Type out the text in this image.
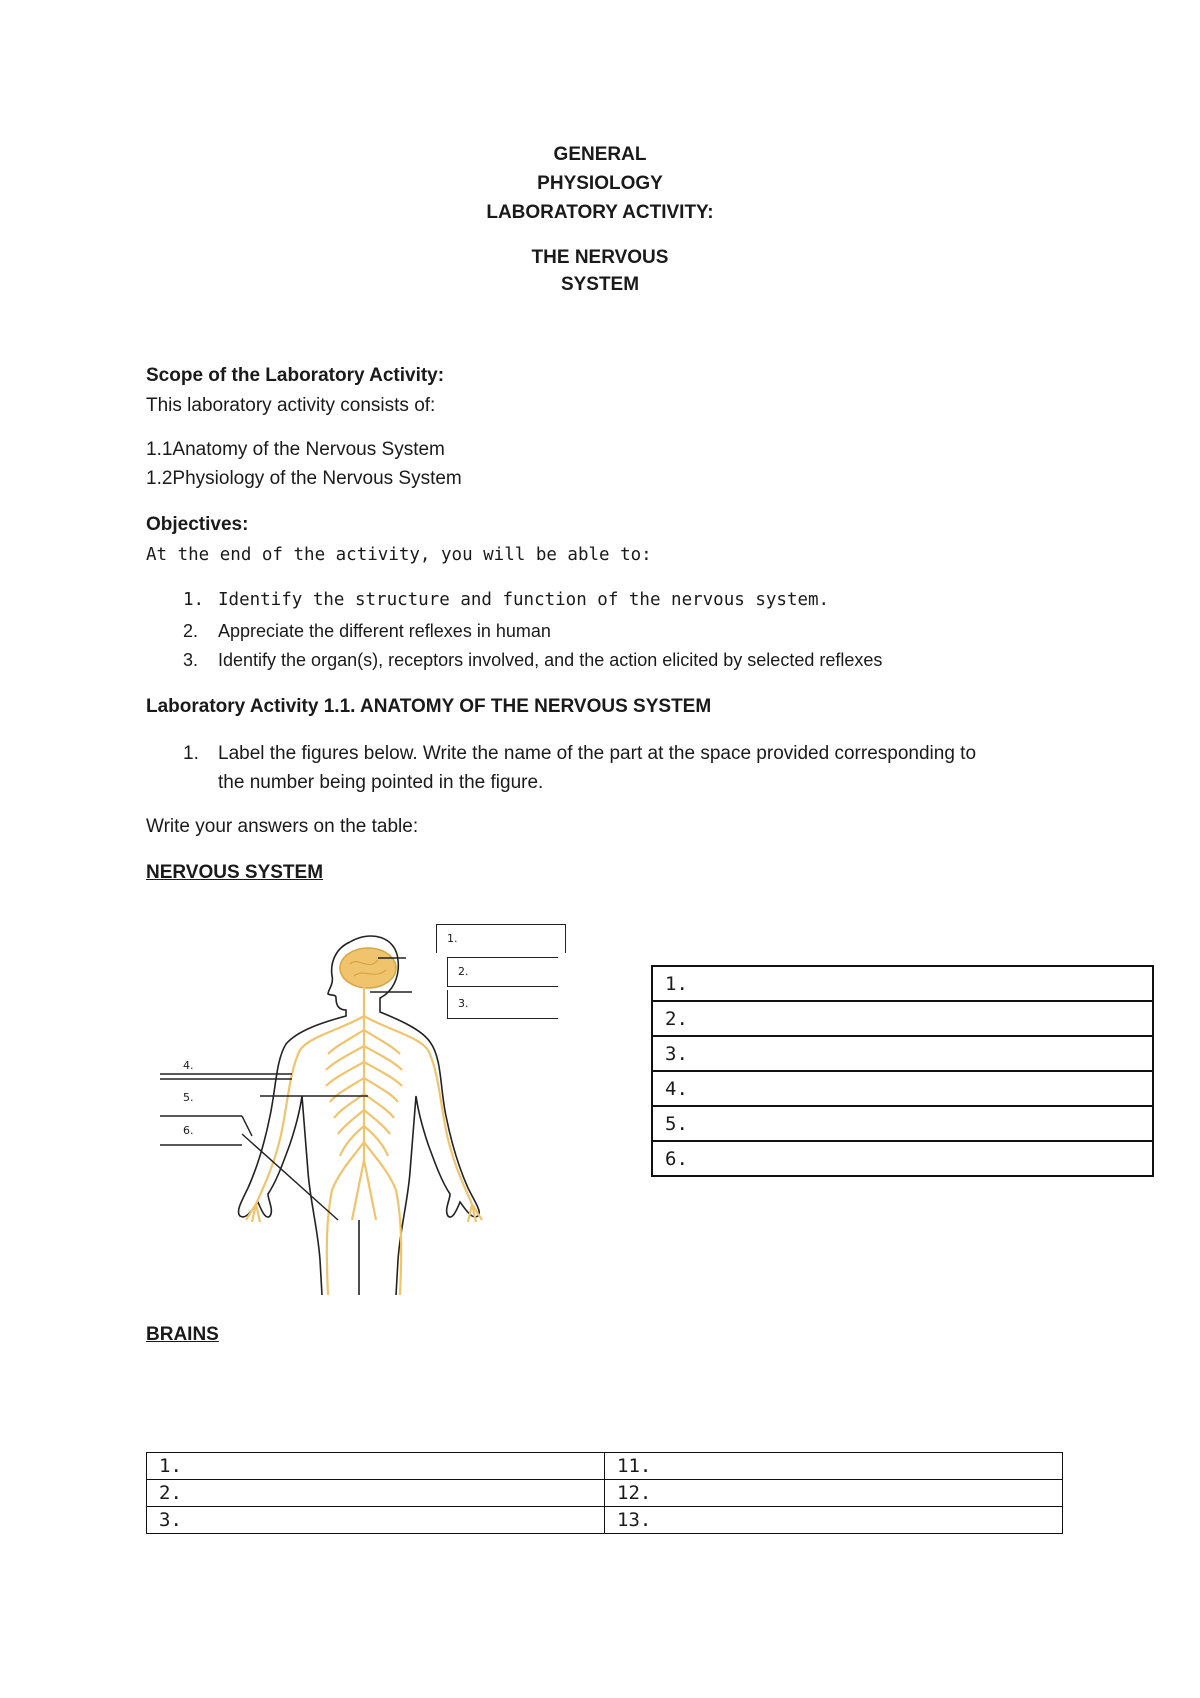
GENERAL
PHYSIOLOGY
LABORATORY ACTIVITY:
THE NERVOUS
SYSTEM
Scope of the Laboratory Activity:
This laboratory activity consists of:
1.1Anatomy of the Nervous System
1.2Physiology of the Nervous System
Objectives:
At the end of the activity, you will be able to:
1. Identify the structure and function of the nervous system.
2. Appreciate the different reflexes in human
3. Identify the organ(s), receptors involved, and the action elicited by selected reflexes
Laboratory Activity 1.1. ANATOMY OF THE NERVOUS SYSTEM
1. Label the figures below. Write the name of the part at the space provided corresponding to
the number being pointed in the figure.
Write your answers on the table:
NERVOUS SYSTEM
1.
2.
3.
4.
5.
6.
1.
2.
3.
4.
5.
6.
BRAINS
1.	11.
2.	12.
3.	13.
